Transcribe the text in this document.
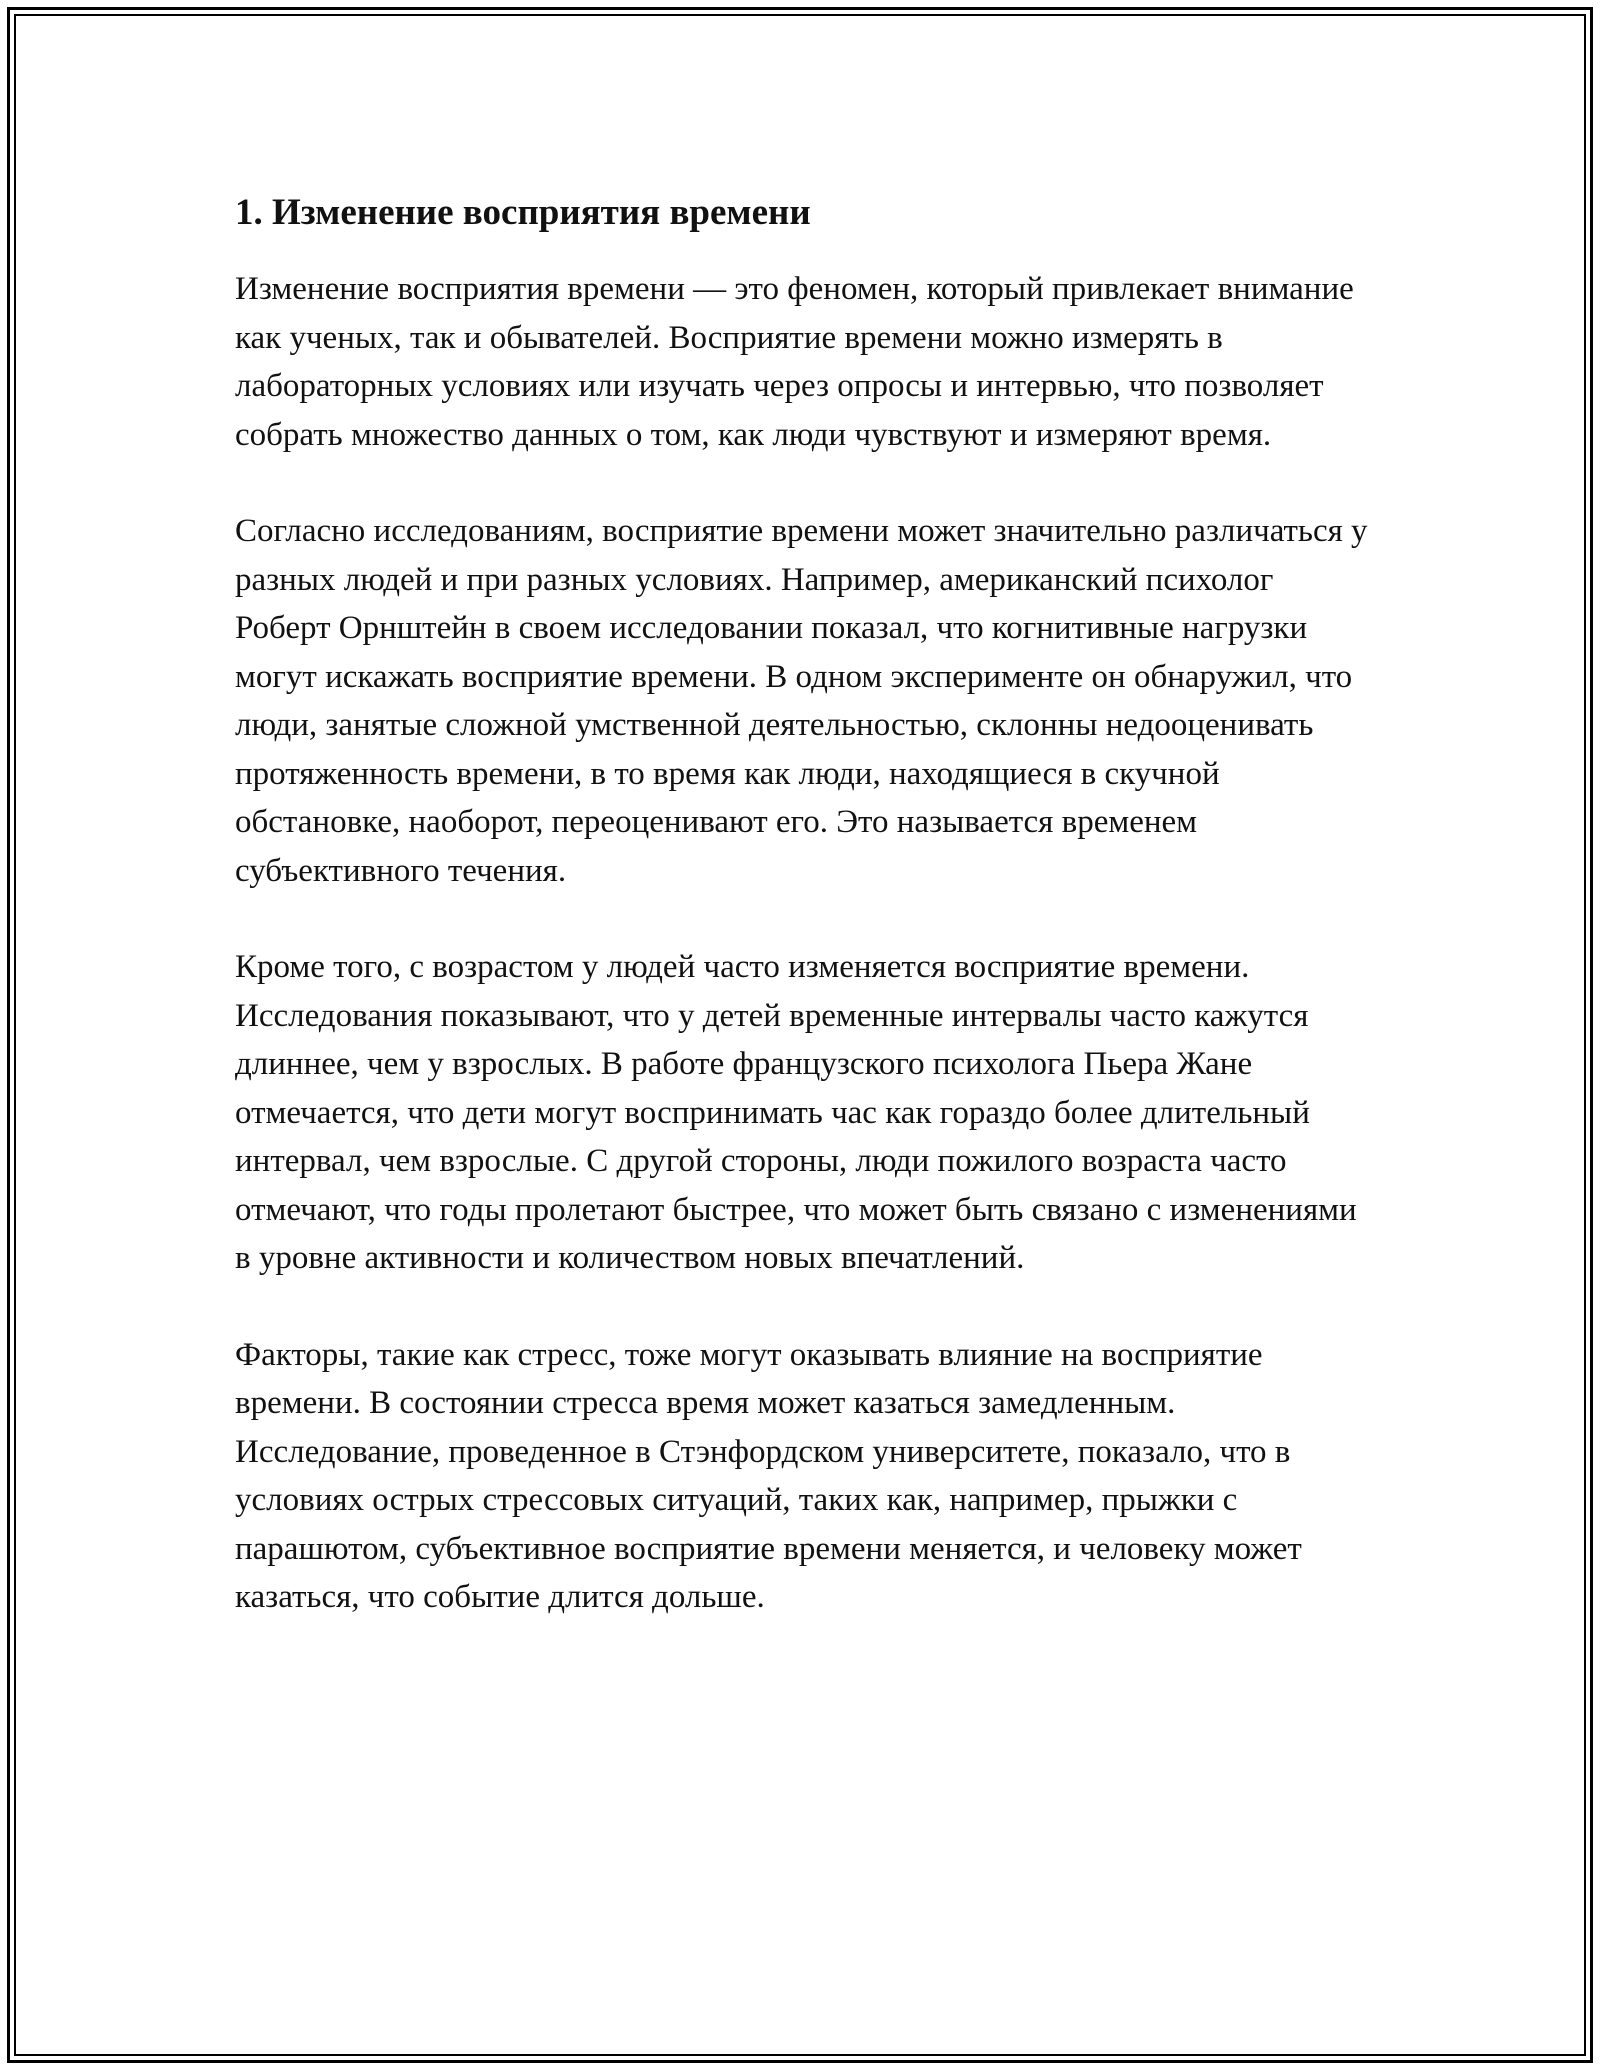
1. Изменение восприятия времени

Изменение восприятия времени — это феномен, который привлекает внимание как ученых, так и обывателей. Восприятие времени можно измерять в лабораторных условиях или изучать через опросы и интервью, что позволяет собрать множество данных о том, как люди чувствуют и измеряют время.

Согласно исследованиям, восприятие времени может значительно различаться у разных людей и при разных условиях. Например, американский психолог Роберт Орнштейн в своем исследовании показал, что когнитивные нагрузки могут искажать восприятие времени. В одном эксперименте он обнаружил, что люди, занятые сложной умственной деятельностью, склонны недооценивать протяженность времени, в то время как люди, находящиеся в скучной обстановке, наоборот, переоценивают его. Это называется временем субъективного течения.

Кроме того, с возрастом у людей часто изменяется восприятие времени. Исследования показывают, что у детей временные интервалы часто кажутся длиннее, чем у взрослых. В работе французского психолога Пьера Жане отмечается, что дети могут воспринимать час как гораздо более длительный интервал, чем взрослые. С другой стороны, люди пожилого возраста часто отмечают, что годы пролетают быстрее, что может быть связано с изменениями в уровне активности и количеством новых впечатлений.

Факторы, такие как стресс, тоже могут оказывать влияние на восприятие времени. В состоянии стресса время может казаться замедленным. Исследование, проведенное в Стэнфордском университете, показало, что в условиях острых стрессовых ситуаций, таких как, например, прыжки с парашютом, субъективное восприятие времени меняется, и человеку может казаться, что событие длится дольше.
